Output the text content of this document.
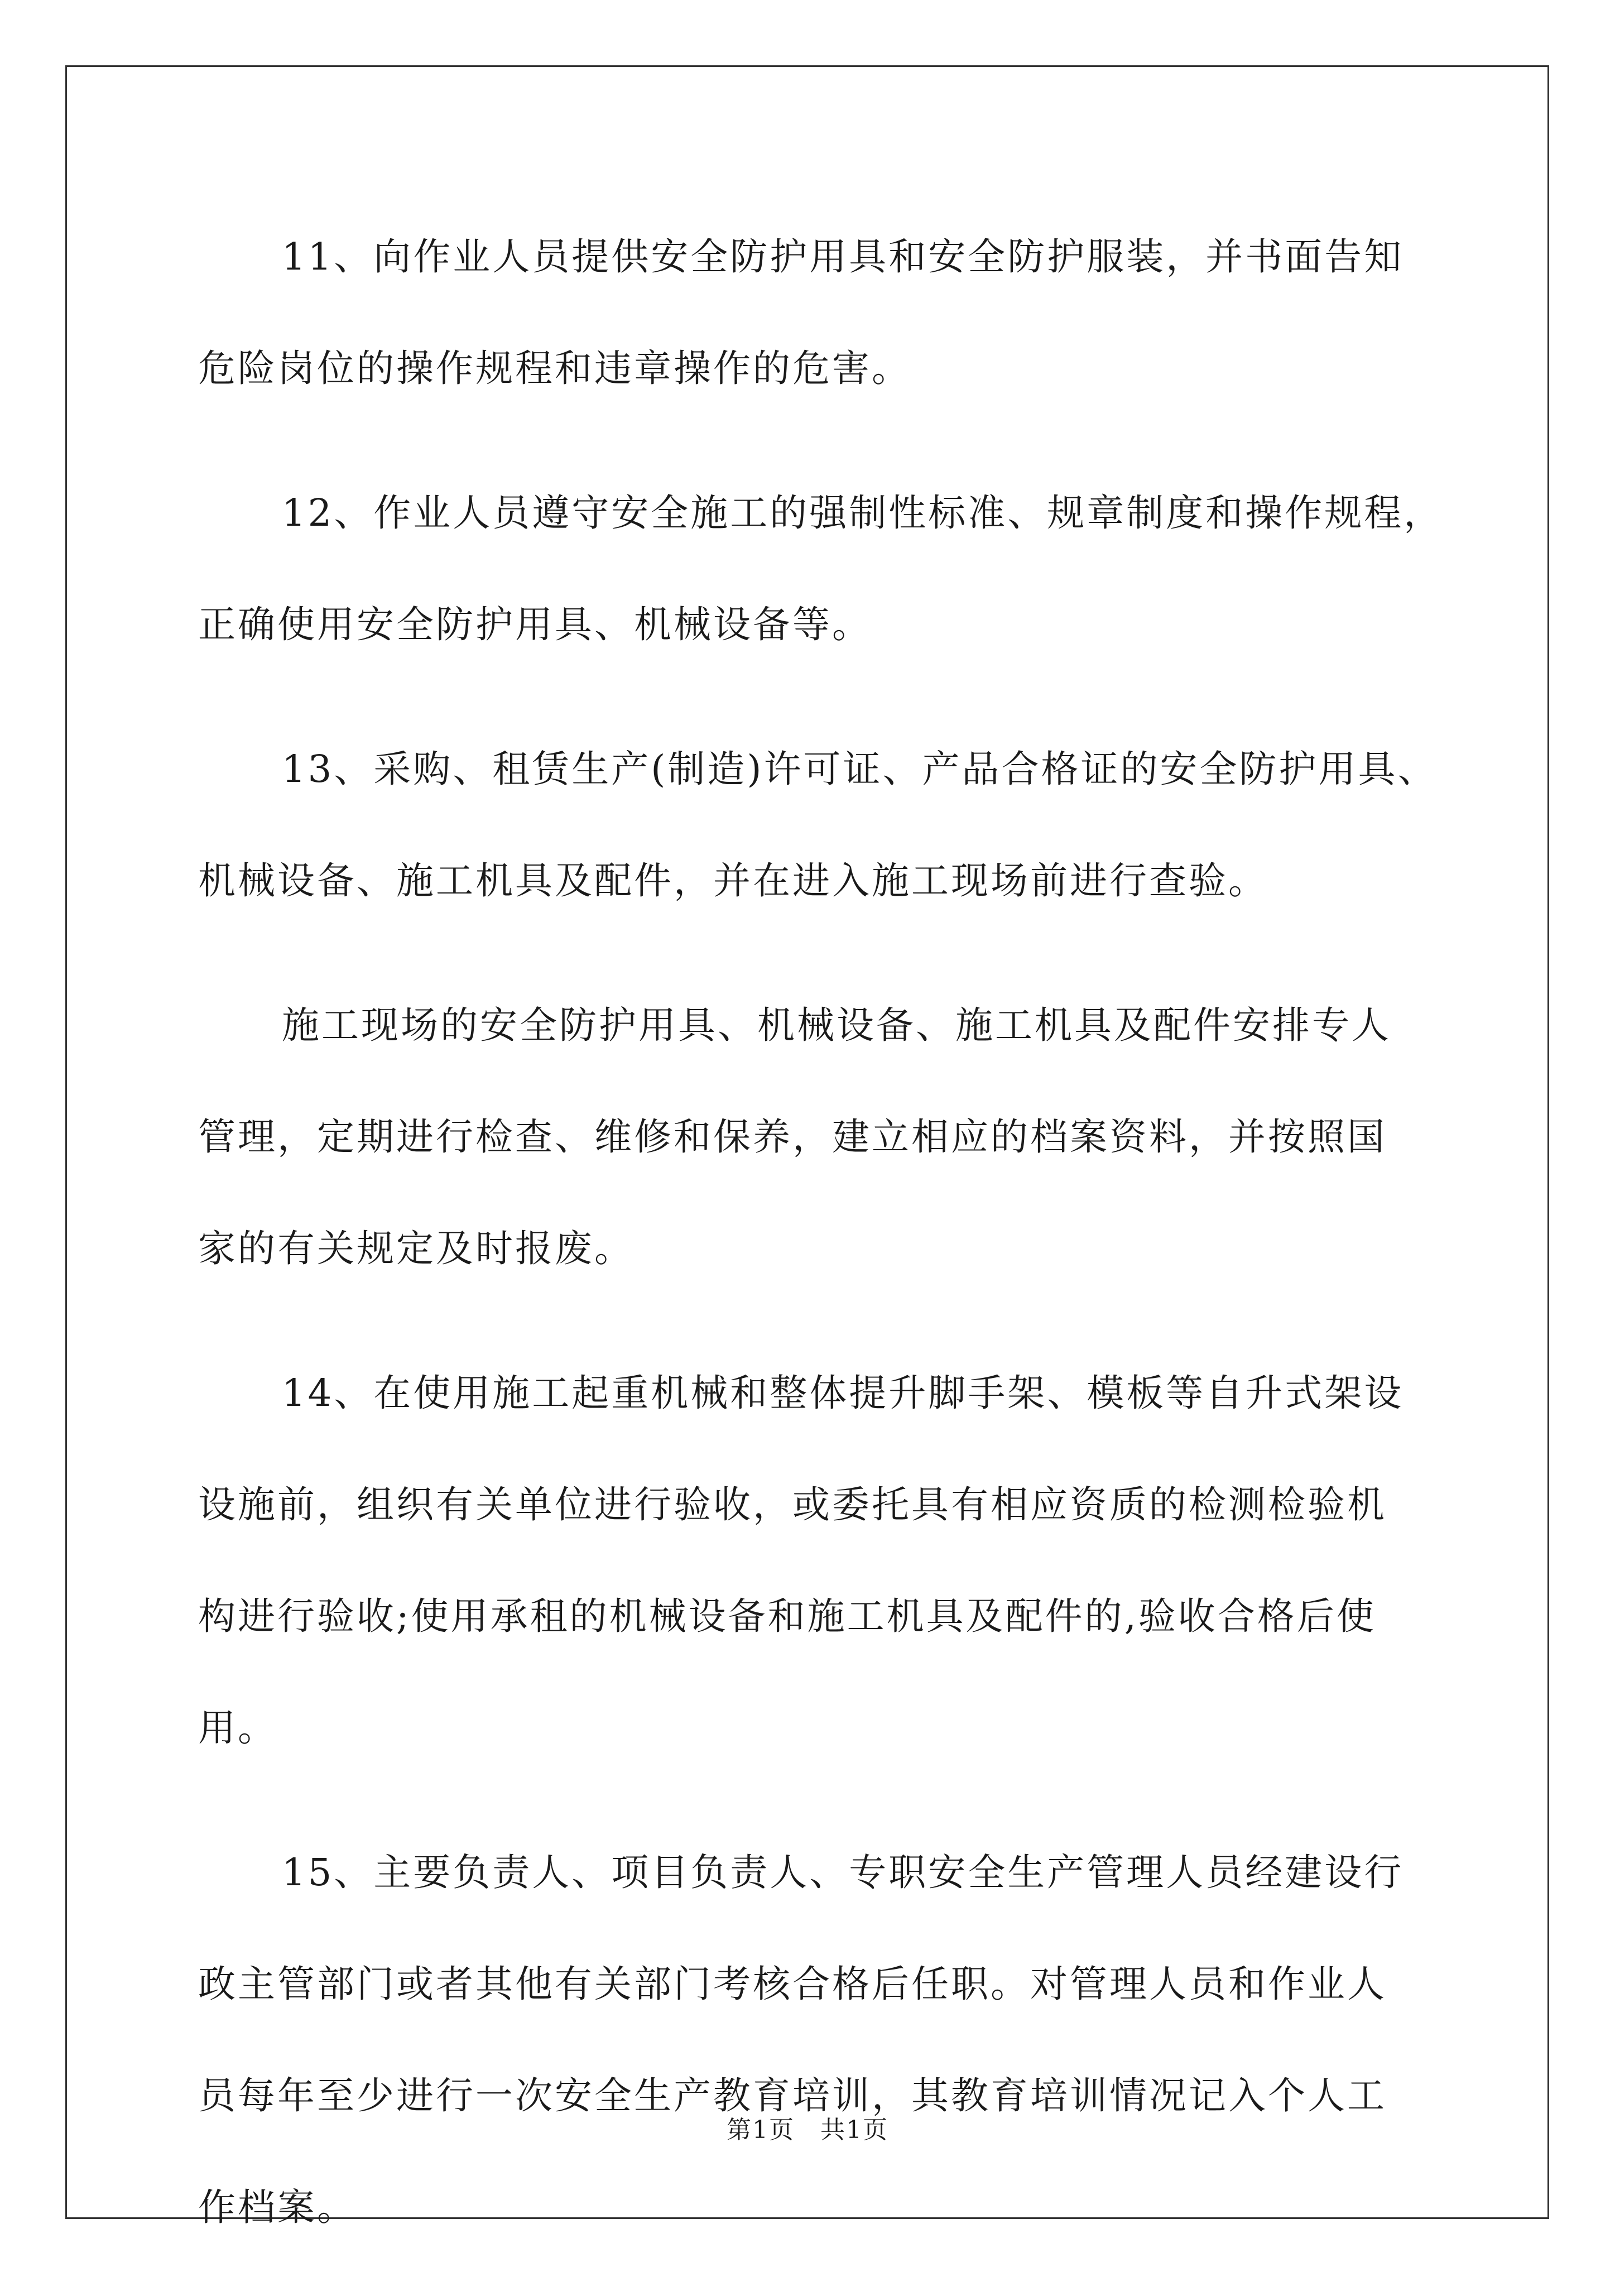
11、向作业人员提供安全防护用具和安全防护服装，并书面告知
危险岗位的操作规程和违章操作的危害。
12、作业人员遵守安全施工的强制性标准、规章制度和操作规程，
正确使用安全防护用具、机械设备等。
13、采购、租赁生产(制造)许可证、产品合格证的安全防护用具、
机械设备、施工机具及配件，并在进入施工现场前进行查验。
施工现场的安全防护用具、机械设备、施工机具及配件安排专人
管理，定期进行检查、维修和保养，建立相应的档案资料，并按照国
家的有关规定及时报废。
14、在使用施工起重机械和整体提升脚手架、模板等自升式架设
设施前，组织有关单位进行验收，或委托具有相应资质的检测检验机
构进行验收;使用承租的机械设备和施工机具及配件的,验收合格后使
用。
15、主要负责人、项目负责人、专职安全生产管理人员经建设行
政主管部门或者其他有关部门考核合格后任职。对管理人员和作业人
员每年至少进行一次安全生产教育培训，其教育培训情况记入个人工
作档案。
第1页　共1页
